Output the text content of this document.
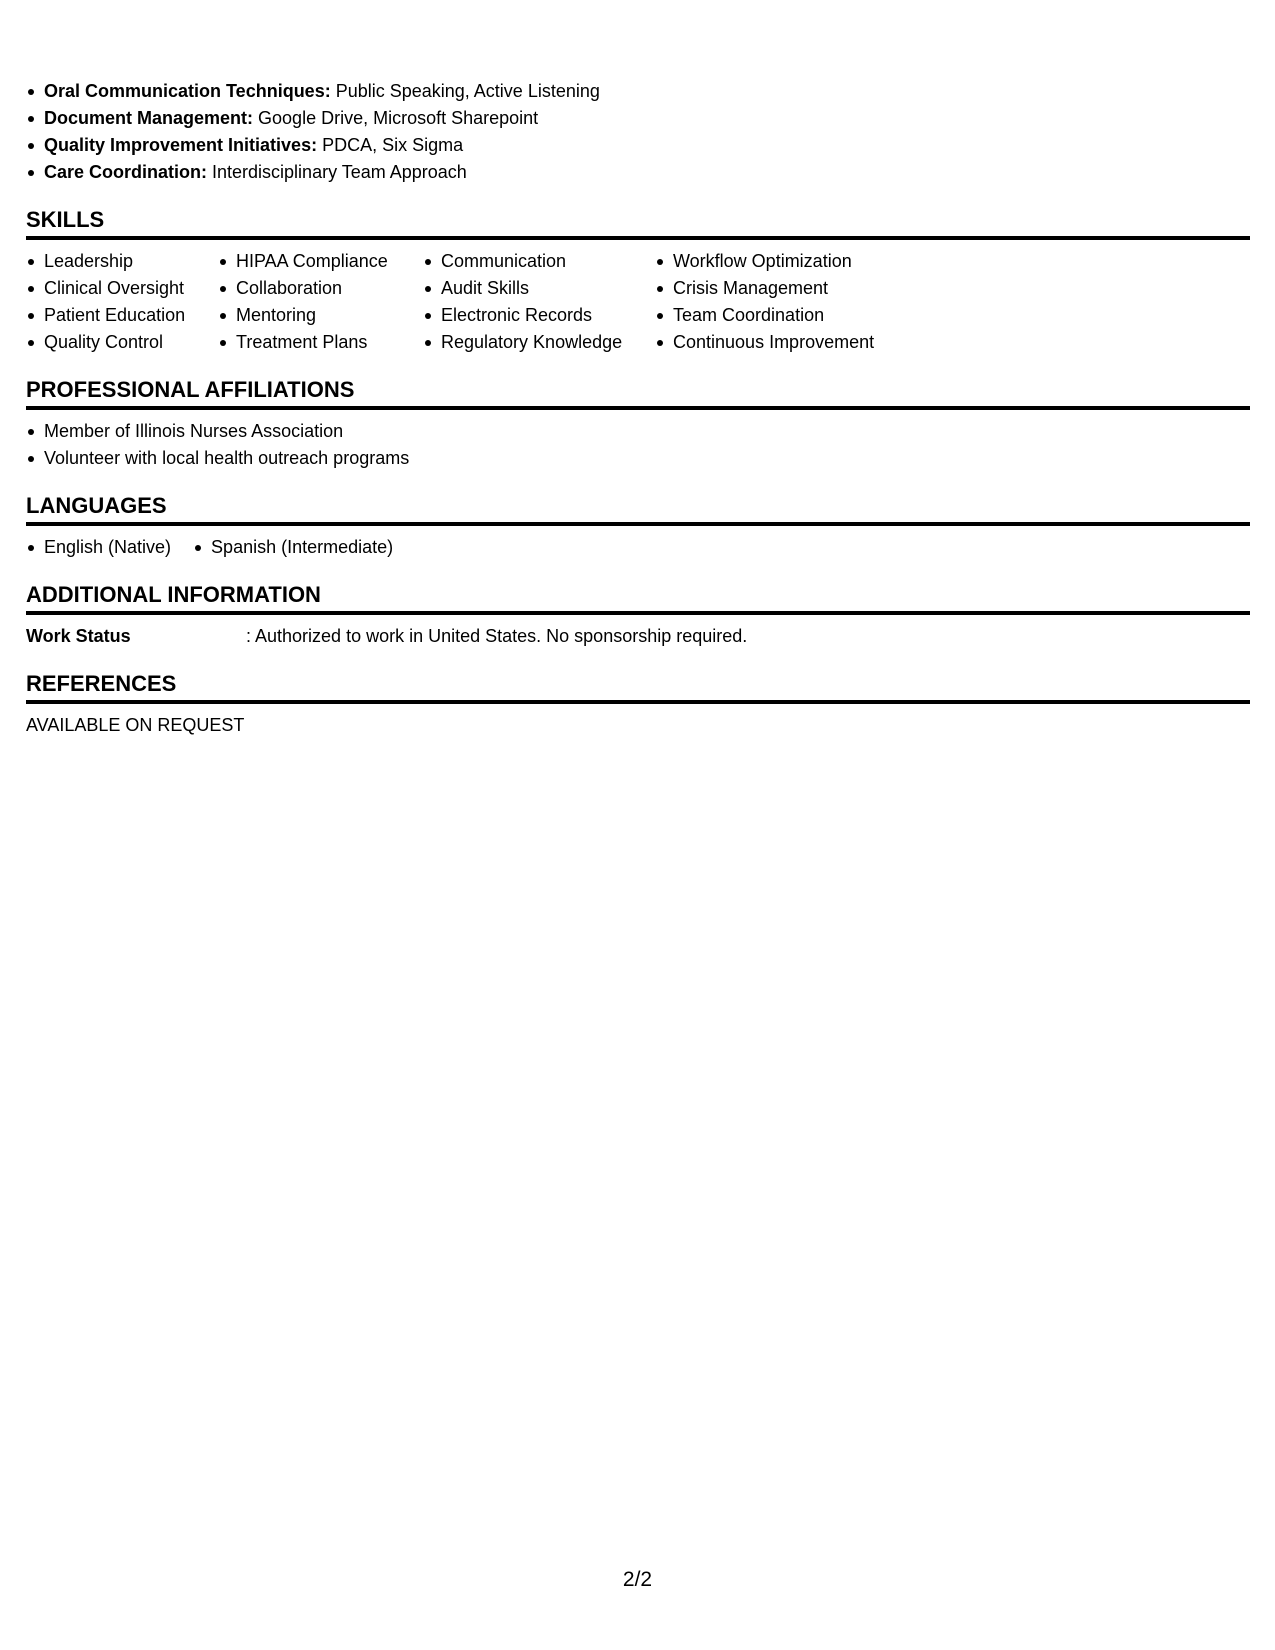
Oral Communication Techniques: Public Speaking, Active Listening
Document Management: Google Drive, Microsoft Sharepoint
Quality Improvement Initiatives: PDCA, Six Sigma
Care Coordination: Interdisciplinary Team Approach
SKILLS
Leadership
Clinical Oversight
Patient Education
Quality Control
HIPAA Compliance
Collaboration
Mentoring
Treatment Plans
Communication
Audit Skills
Electronic Records
Regulatory Knowledge
Workflow Optimization
Crisis Management
Team Coordination
Continuous Improvement
PROFESSIONAL AFFILIATIONS
Member of Illinois Nurses Association
Volunteer with local health outreach programs
LANGUAGES
English (Native)	Spanish (Intermediate)
ADDITIONAL INFORMATION
Work Status	: Authorized to work in United States. No sponsorship required.
REFERENCES
AVAILABLE ON REQUEST
2/2
